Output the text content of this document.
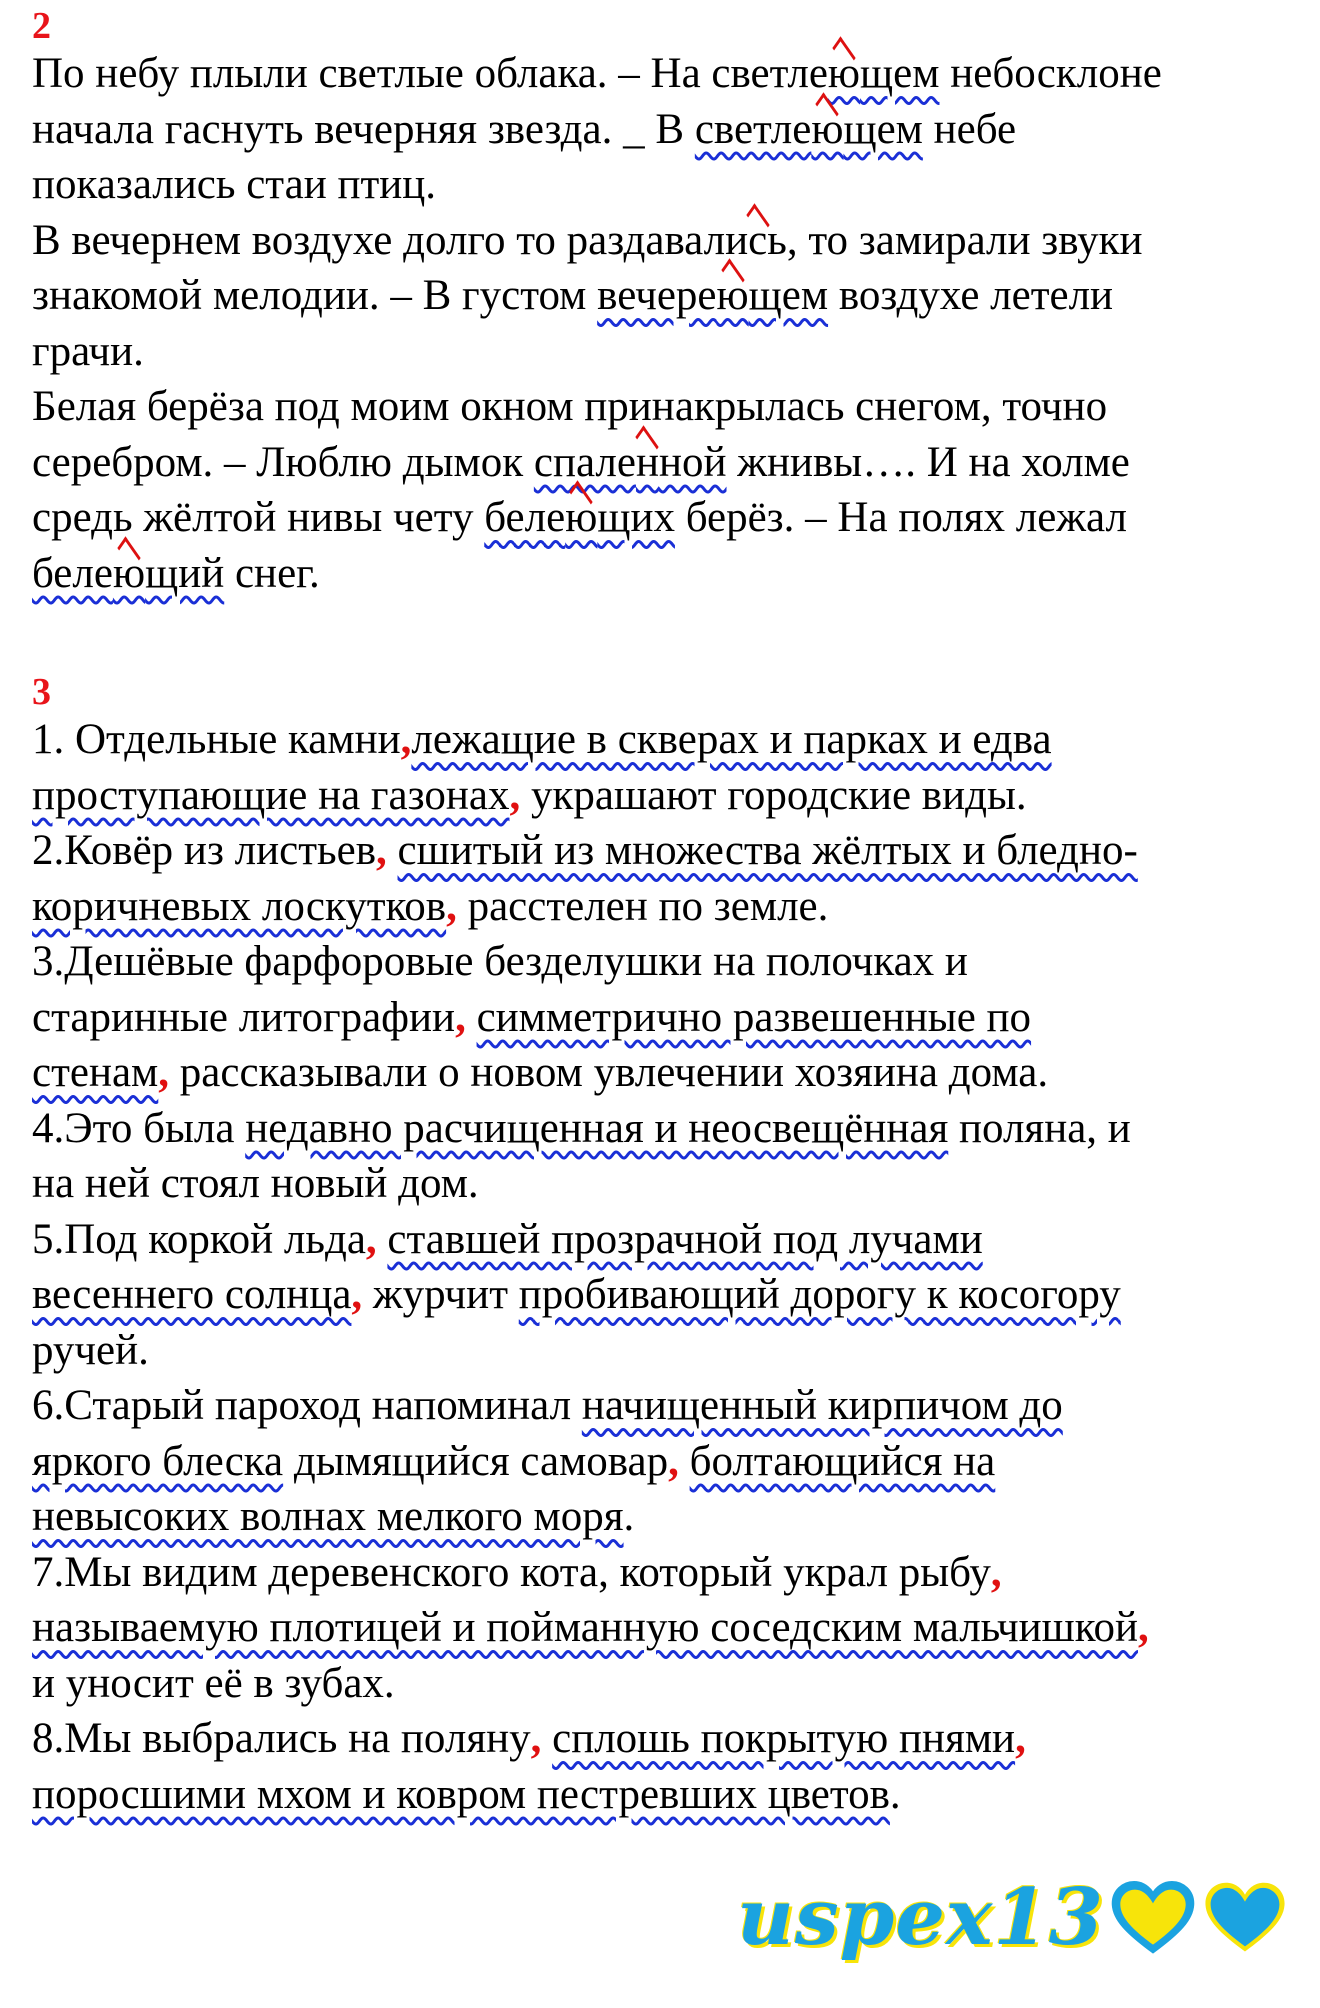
2

По небу плыли светлые облака. – На светлеющем небосклоне
начала гаснуть вечерняя звезда. _ В светлеющем небе
показались стаи птиц.
В вечернем воздухе долго то раздавались, то замирали звуки
знакомой мелодии. – В густом вечереющем воздухе летели
грачи.
Белая берёза под моим окном принакрылась снегом, точно
серебром. – Люблю дымок спаленной жнивы…. И на холме
средь жёлтой нивы чету белеющих берёз. – На полях лежал
белеющий снег.

3

1. Отдельные камни,лежащие в скверах и парках и едва
проступающие на газонах, украшают городские виды.
2.Ковёр из листьев, сшитый из множества жёлтых и бледно-
коричневых лоскутков, расстелен по земле.
3.Дешёвые фарфоровые безделушки на полочках и
старинные литографии, симметрично развешенные по
стенам, рассказывали о новом увлечении хозяина дома.
4.Это была недавно расчищенная и неосвещённая поляна, и
на ней стоял новый дом.
5.Под коркой льда, ставшей прозрачной под лучами
весеннего солнца, журчит пробивающий дорогу к косогору
ручей.
6.Старый пароход напоминал начищенный кирпичом до
яркого блеска дымящийся самовар, болтающийся на
невысоких волнах мелкого моря.
7.Мы видим деревенского кота, который украл рыбу,
называемую плотицей и пойманную соседским мальчишкой,
и уносит её в зубах.
8.Мы выбрались на поляну, сплошь покрытую пнями,
поросшими мхом и ковром пестревших цветов.
uspex13
